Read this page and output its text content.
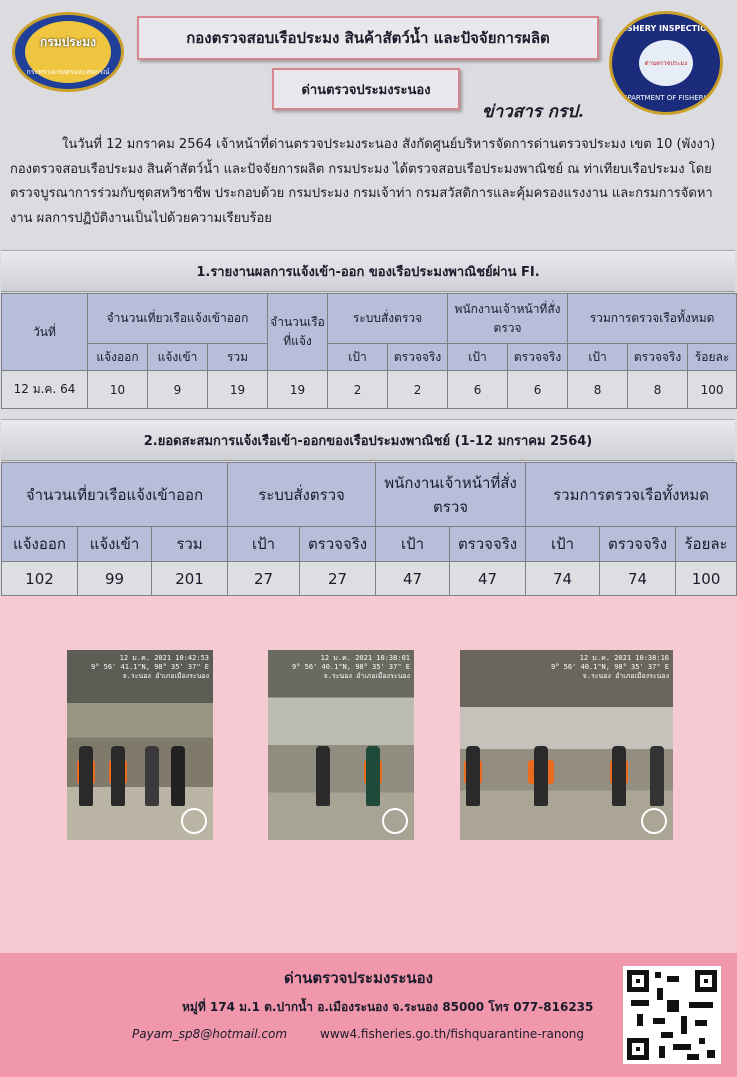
กรมประมง
กระทรวงเกษตรและสหกรณ์
กองตรวจสอบเรือประมง สินค้าสัตว์น้ำ และปัจจัยการผลิต
ด่านตรวจประมงระนอง
FISHERY INSPECTION
ด่านตรวจประมง
DEPARTMENT OF FISHERIES
ข่าวสาร กรป.

ในวันที่ 12 มกราคม 2564 เจ้าหน้าที่ด่านตรวจประมงระนอง สังกัดศูนย์บริหารจัดการด่านตรวจประมง เขต 10 (พังงา) กองตรวจสอบเรือประมง สินค้าสัตว์น้ำ และปัจจัยการผลิต กรมประมง ได้ตรวจสอบเรือประมงพาณิชย์ ณ ท่าเทียบเรือประมง โดยตรวจบูรณาการร่วมกับชุดสหวิชาชีพ ประกอบด้วย กรมประมง กรมเจ้าท่า กรมสวัสดิการและคุ้มครองแรงงาน และกรมการจัดหางาน ผลการปฏิบัติงานเป็นไปด้วยความเรียบร้อย

1.รายงานผลการแจ้งเข้า-ออก ของเรือประมงพาณิชย์ผ่าน FI.
วันที่	จำนวนเที่ยวเรือแจ้งเข้าออก			จำนวนเรือที่แจ้ง	ระบบสั่งตรวจ		พนักงานเจ้าหน้าที่สั่งตรวจ		รวมการตรวจเรือทั้งหมด		
	แจ้งออก	แจ้งเข้า	รวม		เป้า	ตรวจจริง	เป้า	ตรวจจริง	เป้า	ตรวจจริง	ร้อยละ
12 ม.ค. 64	10	9	19	19	2	2	6	6	8	8	100
2.ยอดสะสมการแจ้งเรือเข้า-ออกของเรือประมงพาณิชย์ (1-12 มกราคม 2564)
จำนวนเที่ยวเรือแจ้งเข้าออก			ระบบสั่งตรวจ		พนักงานเจ้าหน้าที่สั่งตรวจ		รวมการตรวจเรือทั้งหมด		
แจ้งออก	แจ้งเข้า	รวม	เป้า	ตรวจจริง	เป้า	ตรวจจริง	เป้า	ตรวจจริง	ร้อยละ
102	99	201	27	27	47	47	74	74	100
12 ม.ค. 2021 10:42:53
9° 56' 41.1"N, 98° 35' 37" E
จ.ระนอง อำเภอเมืองระนอง
12 ม.ค. 2021 10:38:01
9° 56' 40.1"N, 98° 35' 37" E
จ.ระนอง อำเภอเมืองระนอง
12 ม.ค. 2021 10:38:16
9° 56' 40.1"N, 98° 35' 37" E
จ.ระนอง อำเภอเมืองระนอง
ด่านตรวจประมงระนอง
หมู่ที่ 174 ม.1 ต.ปากน้ำ อ.เมืองระนอง จ.ระนอง 85000 โทร 077-816235
Payam_sp8@hotmail.com	www4.fisheries.go.th/fishquarantine-ranong
